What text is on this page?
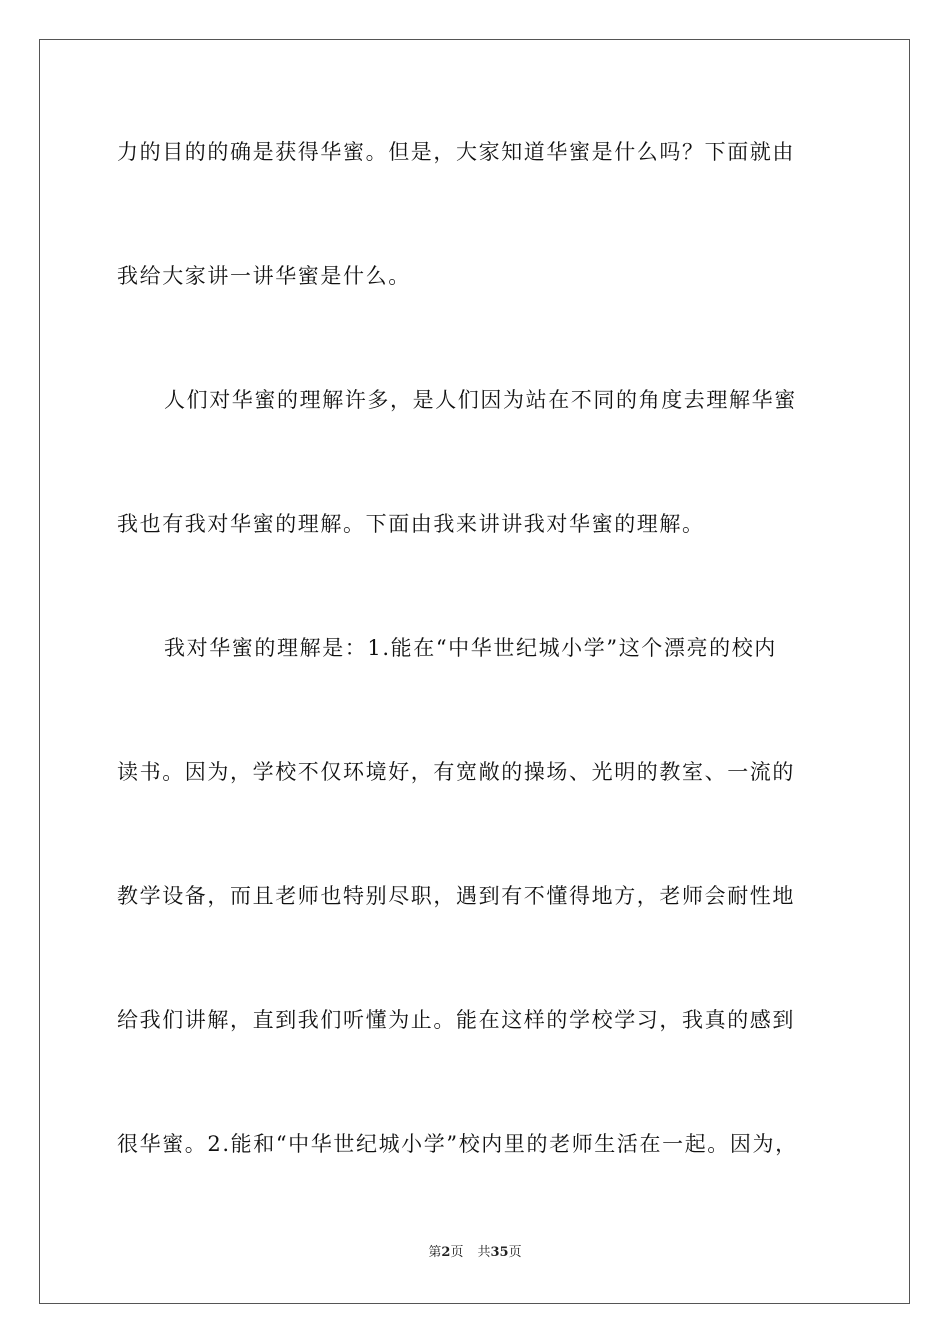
力的目的的确是获得华蜜。但是，大家知道华蜜是什么吗？下面就由
我给大家讲一讲华蜜是什么。
人们对华蜜的理解许多，是人们因为站在不同的角度去理解华蜜
我也有我对华蜜的理解。下面由我来讲讲我对华蜜的理解。
我对华蜜的理解是：1.能在“中华世纪城小学”这个漂亮的校内
读书。因为，学校不仅环境好，有宽敞的操场、光明的教室、一流的
教学设备，而且老师也特别尽职，遇到有不懂得地方，老师会耐性地
给我们讲解，直到我们听懂为止。能在这样的学校学习，我真的感到
很华蜜。2.能和“中华世纪城小学”校内里的老师生活在一起。因为，
第2页 共35页
